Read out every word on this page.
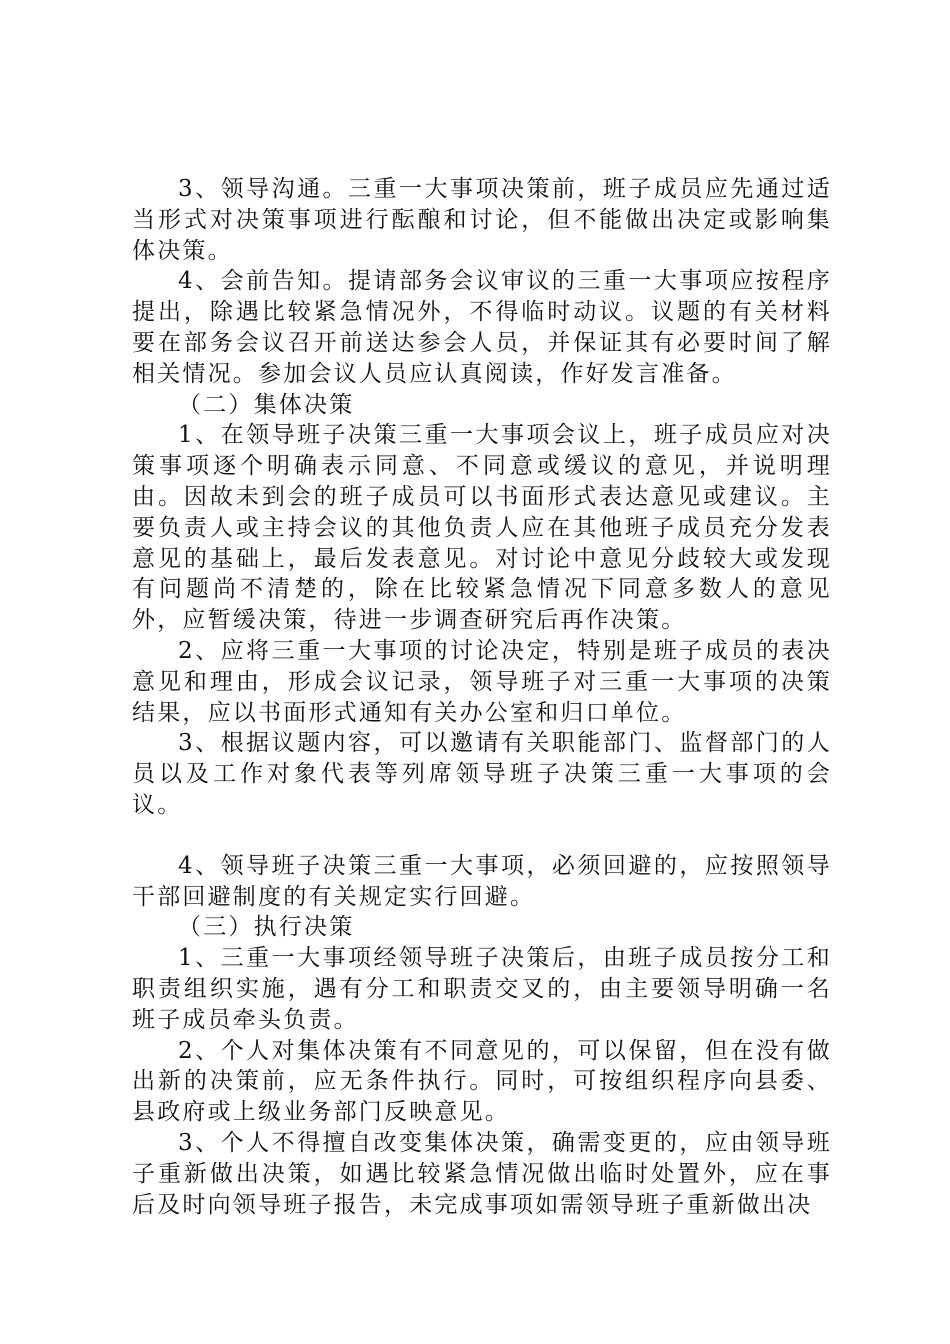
3、领导沟通。三重一大事项决策前，班子成员应先通过适当形式对决策事项进行酝酿和讨论，但不能做出决定或影响集体决策。

4、会前告知。提请部务会议审议的三重一大事项应按程序提出，除遇比较紧急情况外，不得临时动议。议题的有关材料要在部务会议召开前送达参会人员，并保证其有必要时间了解相关情况。参加会议人员应认真阅读，作好发言准备。

（二）集体决策

1、在领导班子决策三重一大事项会议上，班子成员应对决策事项逐个明确表示同意、不同意或缓议的意见，并说明理由。因故未到会的班子成员可以书面形式表达意见或建议。主要负责人或主持会议的其他负责人应在其他班子成员充分发表意见的基础上，最后发表意见。对讨论中意见分歧较大或发现有问题尚不清楚的，除在比较紧急情况下同意多数人的意见外，应暂缓决策，待进一步调查研究后再作决策。

2、应将三重一大事项的讨论决定，特别是班子成员的表决意见和理由，形成会议记录，领导班子对三重一大事项的决策结果，应以书面形式通知有关办公室和归口单位。

3、根据议题内容，可以邀请有关职能部门、监督部门的人员以及工作对象代表等列席领导班子决策三重一大事项的会议。

4、领导班子决策三重一大事项，必须回避的，应按照领导干部回避制度的有关规定实行回避。

（三）执行决策

1、三重一大事项经领导班子决策后，由班子成员按分工和职责组织实施，遇有分工和职责交叉的，由主要领导明确一名班子成员牵头负责。

2、个人对集体决策有不同意见的，可以保留，但在没有做出新的决策前，应无条件执行。同时，可按组织程序向县委、县政府或上级业务部门反映意见。

3、个人不得擅自改变集体决策，确需变更的，应由领导班子重新做出决策，如遇比较紧急情况做出临时处置外，应在事后及时向领导班子报告，未完成事项如需领导班子重新做出决
